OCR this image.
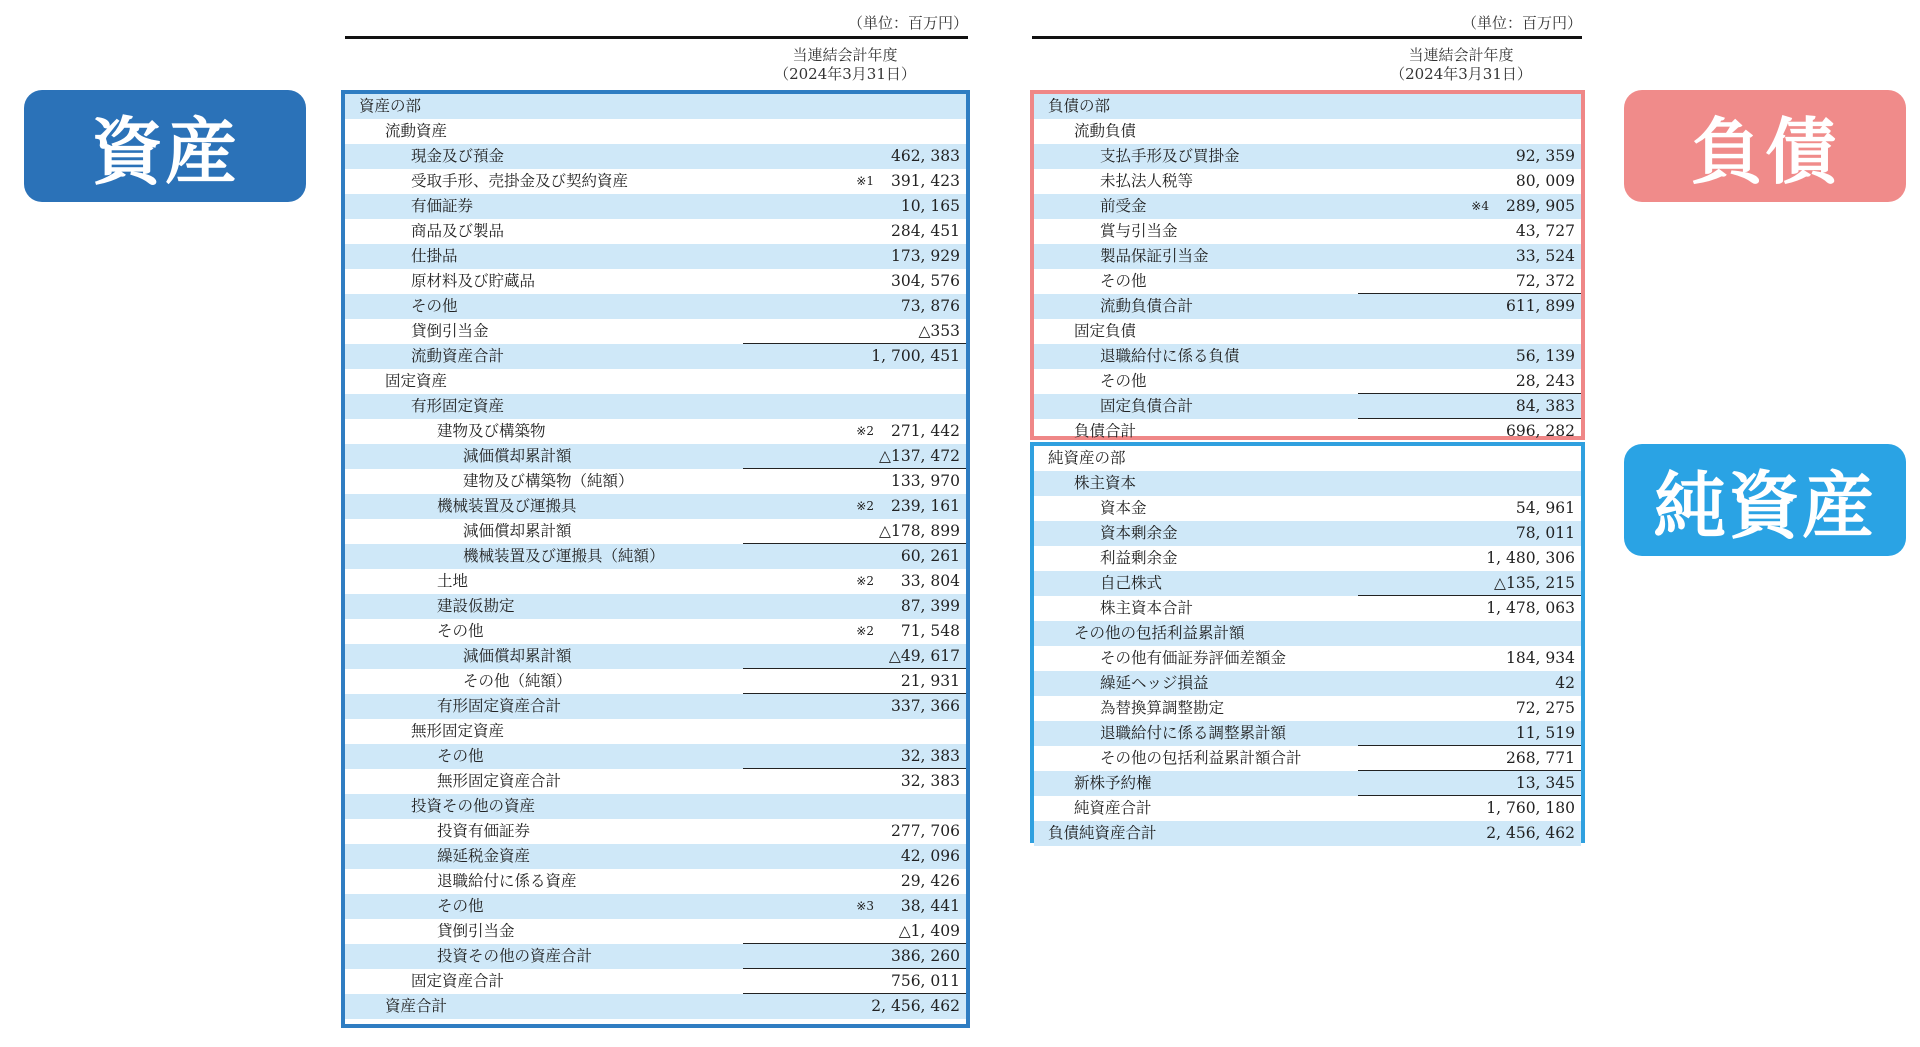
資産	負債
純資産
（単位：百万円）
当連結会計年度
（2024年3月31日）
（単位：百万円）
当連結会計年度
（2024年3月31日）
資産の部
流動資産
現金及び預金	462, 383
受取手形、売掛金及び契約資産	※1 391, 423
有価証券	10, 165
商品及び製品	284, 451
仕掛品	173, 929
原材料及び貯蔵品	304, 576
その他	73, 876
貸倒引当金	△353
流動資産合計	1, 700, 451
固定資産
有形固定資産
建物及び構築物	※2 271, 442
減価償却累計額	△137, 472
建物及び構築物（純額）	133, 970
機械装置及び運搬具	※2 239, 161
減価償却累計額	△178, 899
機械装置及び運搬具（純額）	60, 261
土地	※2 33, 804
建設仮勘定	87, 399
その他	※2 71, 548
減価償却累計額	△49, 617
その他（純額）	21, 931
有形固定資産合計	337, 366
無形固定資産
その他	32, 383
無形固定資産合計	32, 383
投資その他の資産
投資有価証券	277, 706
繰延税金資産	42, 096
退職給付に係る資産	29, 426
その他	※3 38, 441
貸倒引当金	△1, 409
投資その他の資産合計	386, 260
固定資産合計	756, 011
資産合計	2, 456, 462
負債の部
流動負債
支払手形及び買掛金	92, 359
未払法人税等	80, 009
前受金	※4 289, 905
賞与引当金	43, 727
製品保証引当金	33, 524
その他	72, 372
流動負債合計	611, 899
固定負債
退職給付に係る負債	56, 139
その他	28, 243
固定負債合計	84, 383
負債合計	696, 282
純資産の部
株主資本
資本金	54, 961
資本剰余金	78, 011
利益剰余金	1, 480, 306
自己株式	△135, 215
株主資本合計	1, 478, 063
その他の包括利益累計額
その他有価証券評価差額金	184, 934
繰延ヘッジ損益	42
為替換算調整勘定	72, 275
退職給付に係る調整累計額	11, 519
その他の包括利益累計額合計	268, 771
新株予約権	13, 345
純資産合計	1, 760, 180
負債純資産合計	2, 456, 462
